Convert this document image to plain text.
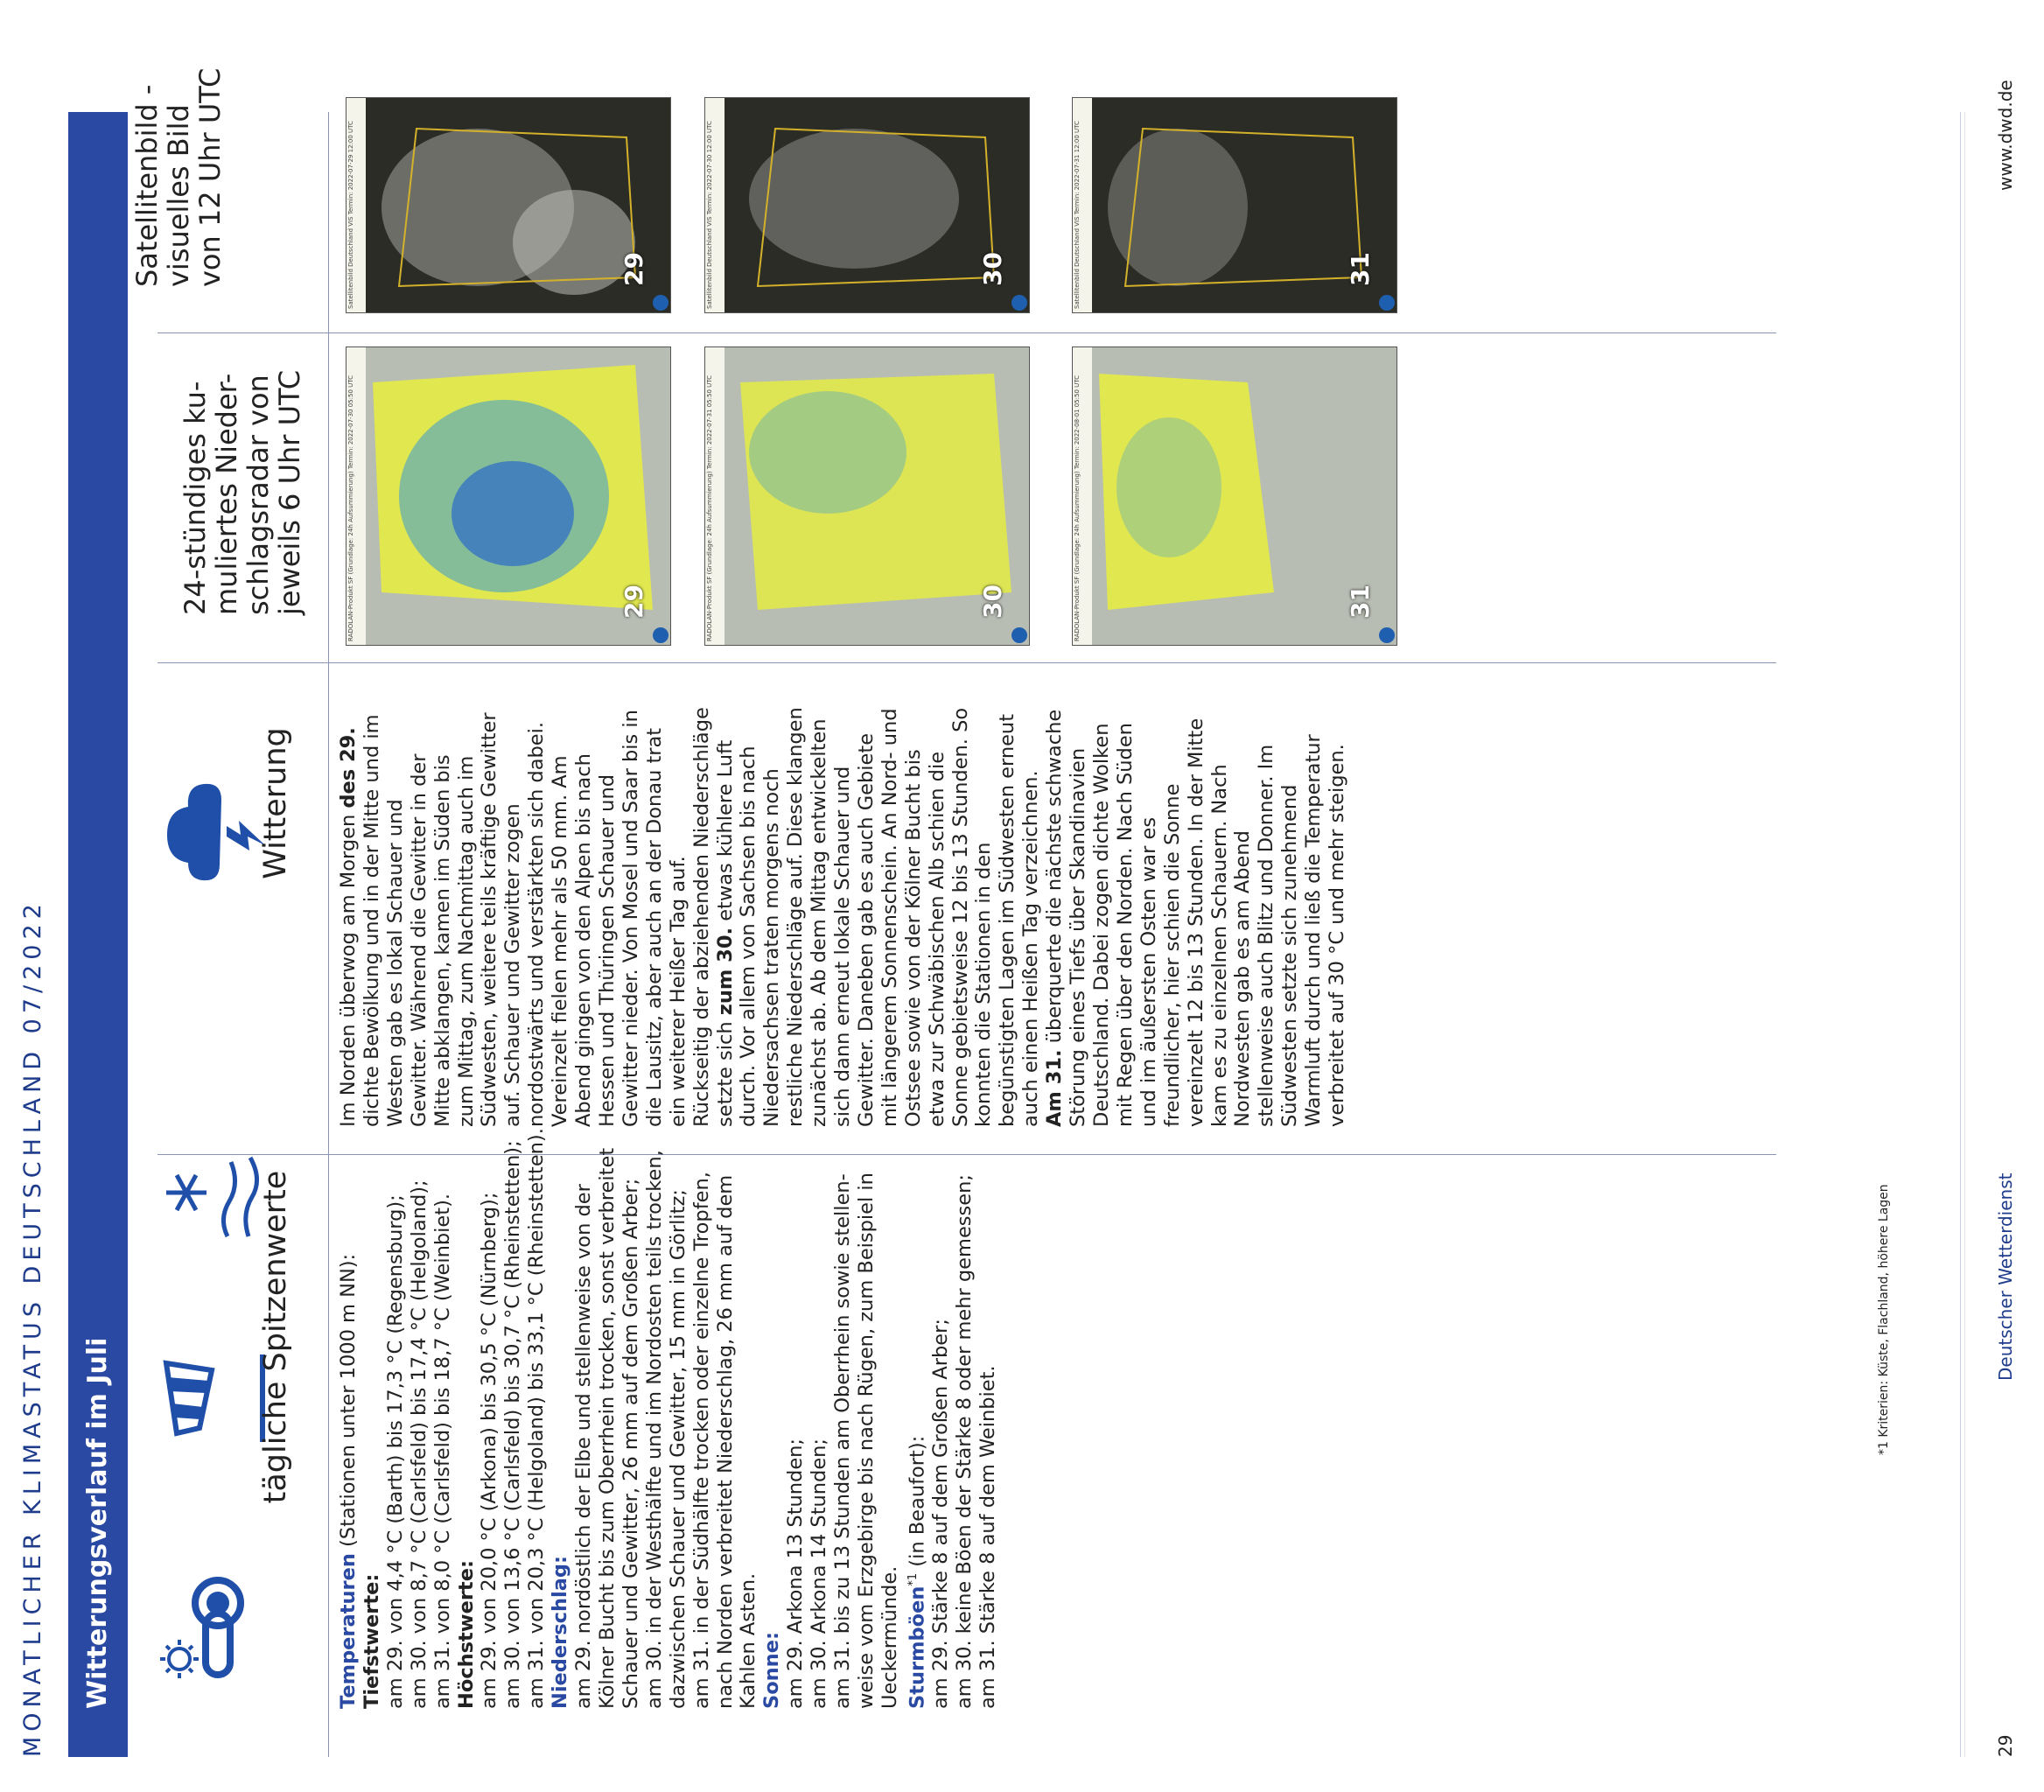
MONATLICHER KLIMASTATUS DEUTSCHLAND 07/2022	Witterungsverlauf im Juli
tägliche Spitzenwerte
Witterung

Temperaturen (Stationen unter 1000 m NN):

Tiefstwerte: am 29. von 4,4 °C (Barth) bis 17,3 °C (Regensburg); am 30. von 8,7 °C (Carlsfeld) bis 17,4 °C (Helgoland); am 31. von 8,0 °C (Carlsfeld) bis 18,7 °C (Weinbiet). Höchstwerte: am 29. von 20,0 °C (Arkona) bis 30,5 °C (Nürnberg); am 30. von 13,6 °C (Carlsfeld) bis 30,7 °C (Rheinstetten); am 31. von 20,3 °C (Helgoland) bis 33,1 °C (Rheinstetten). Niederschlag: am 29. nordöstlich der Elbe und stellenweise von der Kölner Bucht bis zum Oberrhein trocken, sonst verbreitet Schauer und Gewitter, 26 mm auf dem Großen Arber; am 30. in der Westhälfte und im Nordosten teils trocken, dazwischen Schauer und Gewitter, 15 mm in Görlitz; am 31. in der Südhälfte trocken oder einzelne Tropfen, nach Norden verbreitet Niederschlag, 26 mm auf dem Kahlen Asten. Sonne: am 29. Arkona 13 Stunden; am 30. Arkona 14 Stunden; am 31. bis zu 13 Stunden am Oberrhein sowie stellen- weise vom Erzgebirge bis nach Rügen, zum Beispiel in Ueckermünde. Sturmböen$^{*1}$ (in Beaufort): am 29. Stärke 8 auf dem Großen Arber; am 30. keine Böen der Stärke 8 oder mehr gemessen; am 31. Stärke 8 auf dem Weinbiet.

Im Norden überwog am Morgen des 29. dichte Bewölkung und in der Mitte und im Westen gab es lokal Schauer und Gewitter. Während die Gewitter in der Mitte abklangen, kamen im Süden bis zum Mittag, zum Nachmittag auch im Südwesten, weitere teils kräftige Gewitter auf. Schauer und Gewitter zogen nordostwärts und verstärkten sich dabei. Vereinzelt fielen mehr als 50 mm. Am Abend gingen von den Alpen bis nach Hessen und Thüringen Schauer und Gewitter nieder. Von Mosel und Saar bis in die Lausitz, aber auch an der Donau trat ein weiterer Heißer Tag auf. Rückseitig der abziehenden Niederschläge setzte sich zum 30. etwas kühlere Luft durch. Vor allem von Sachsen bis nach Niedersachsen traten morgens noch restliche Niederschläge auf. Diese klangen zunächst ab. Ab dem Mittag entwickelten sich dann erneut lokale Schauer und Gewitter. Daneben gab es auch Gebiete mit längerem Sonnenschein. An Nord- und Ostsee sowie von der Kölner Bucht bis etwa zur Schwäbischen Alb schien die Sonne gebietsweise 12 bis 13 Stunden. So konnten die Stationen in den begünstigten Lagen im Südwesten erneut auch einen Heißen Tag verzeichnen. Am 31. überquerte die nächste schwache Störung eines Tiefs über Skandinavien Deutschland. Dabei zogen dichte Wolken mit Regen über den Norden. Nach Süden und im äußersten Osten war es freundlicher, hier schien die Sonne vereinzelt 12 bis 13 Stunden. In der Mitte kam es zu einzelnen Schauern. Nach Nordwesten gab es am Abend stellenweise auch Blitz und Donner. Im Südwesten setzte sich zunehmend Warmluft durch und ließ die Temperatur verbreitet auf 30 °C und mehr steigen.

24-stündiges ku-
muliertes Nieder-
schlagsradar von
jeweils 6 Uhr UTC	RADOLAN-Produkt SF (Grundlage: 24h Aufsummierung) Termin: 2022-07-30 05:50 UTC	29	RADOLAN-Produkt SF (Grundlage: 24h Aufsummierung) Termin: 2022-07-31 05:50 UTC	30	RADOLAN-Produkt SF (Grundlage: 24h Aufsummierung) Termin: 2022-08-01 05:50 UTC	31
Satellitenbild -
visuelles Bild
von 12 Uhr UTC
Satellitenbild Deutschland VIS Termin: 2022-07-29 12:00 UTC	29	Satellitenbild Deutschland VIS Termin: 2022-07-30 12:00 UTC	30	Satellitenbild Deutschland VIS Termin: 2022-07-31 12:00 UTC	31
*1 Kriterien: Küste, Flachland, höhere Lagen	Deutscher Wetterdienst
29
www.dwd.de
